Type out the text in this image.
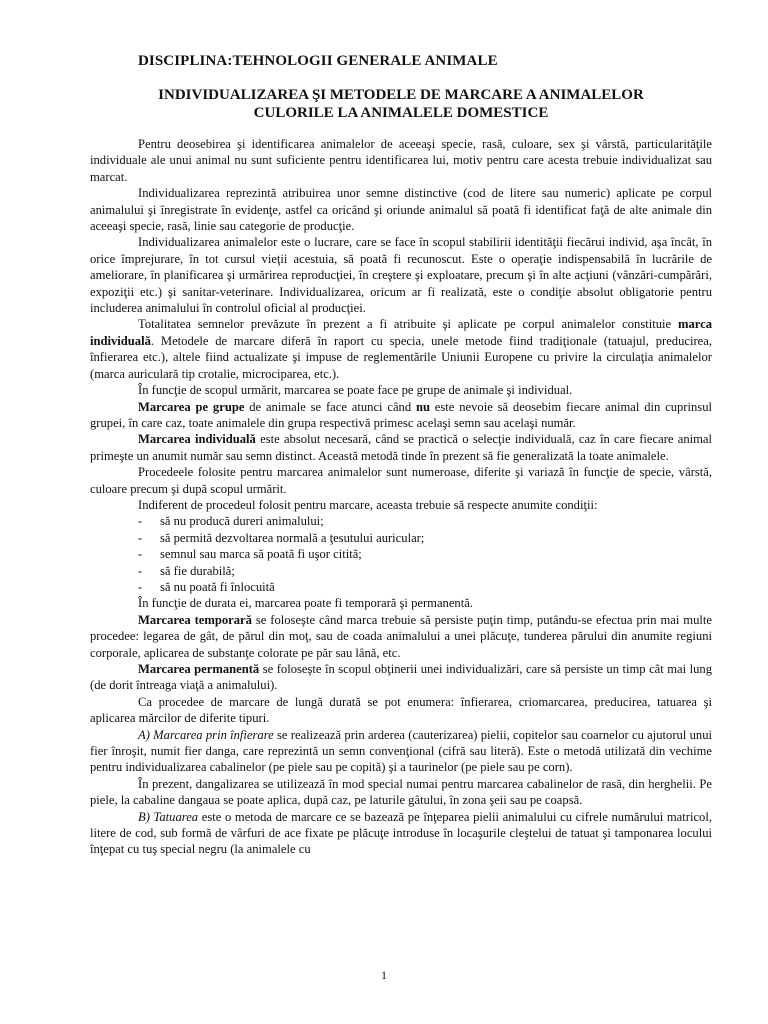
DISCIPLINA:TEHNOLOGII GENERALE ANIMALE
INDIVIDUALIZAREA ŞI METODELE DE MARCARE A ANIMALELOR
CULORILE LA ANIMALELE DOMESTICE

Pentru deosebirea şi identificarea animalelor de aceeaşi specie, rasă, culoare, sex şi vârstă, particularităţile individuale ale unui animal nu sunt suficiente pentru identificarea lui, motiv pentru care acesta trebuie individualizat sau marcat.

Individualizarea reprezintă atribuirea unor semne distinctive (cod de litere sau numeric) aplicate pe corpul animalului şi înregistrate în evidenţe, astfel ca oricând şi oriunde animalul să poată fi identificat faţă de alte animale din aceeaşi specie, rasă, linie sau categorie de producţie.

Individualizarea animalelor este o lucrare, care se face în scopul stabilirii identităţii fiecărui individ, aşa încât, în orice împrejurare, în tot cursul vieţii acestuia, să poată fi recunoscut. Este o operaţie indispensabilă în lucrările de ameliorare, în planificarea şi urmărirea reproducţiei, în creştere şi exploatare, precum şi în alte acţiuni (vânzări-cumpărări, expoziţii etc.) şi sanitar-veterinare. Individualizarea, oricum ar fi realizată, este o condiţie absolut obligatorie pentru includerea animalului în controlul oficial al producţiei.

Totalitatea semnelor prevăzute în prezent a fi atribuite şi aplicate pe corpul animalelor constituie marca individuală. Metodele de marcare diferă în raport cu specia, unele metode fiind tradiţionale (tatuajul, preducirea, înfierarea etc.), altele fiind actualizate şi impuse de reglementările Uniunii Europene cu privire la circulaţia animalelor (marca auriculară tip crotalie, microciparea, etc.).

În funcţie de scopul urmărit, marcarea se poate face pe grupe de animale şi individual.

Marcarea pe grupe de animale se face atunci când nu este nevoie să deosebim fiecare animal din cuprinsul grupei, în care caz, toate animalele din grupa respectivă primesc acelaşi semn sau acelaşi număr.

Marcarea individuală este absolut necesară, când se practică o selecţie individuală, caz în care fiecare animal primeşte un anumit număr sau semn distinct. Această metodă tinde în prezent să fie generalizată la toate animalele.

Procedeele folosite pentru marcarea animalelor sunt numeroase, diferite şi variază în funcţie de specie, vârstă, culoare precum şi după scopul urmărit.

Indiferent de procedeul folosit pentru marcare, aceasta trebuie să respecte anumite condiţii:

- să nu producă dureri animalului;
- să permită dezvoltarea normală a ţesutului auricular;
- semnul sau marca să poată fi uşor citită;
- să fie durabilă;
- să nu poată fi înlocuită

În funcţie de durata ei, marcarea poate fi temporară şi permanentă.

Marcarea temporară se foloseşte când marca trebuie să persiste puţin timp, putându-se efectua prin mai multe procedee: legarea de gât, de părul din moţ, sau de coada animalului a unei plăcuţe, tunderea părului din anumite regiuni corporale, aplicarea de substanţe colorate pe păr sau lână, etc.

Marcarea permanentă se foloseşte în scopul obţinerii unei individualizări, care să persiste un timp cât mai lung (de dorit întreaga viaţă a animalului).

Ca procedee de marcare de lungă durată se pot enumera: înfierarea, criomarcarea, preducirea, tatuarea şi aplicarea mărcilor de diferite tipuri.

A) Marcarea prin înfierare se realizează prin arderea (cauterizarea) pielii, copitelor sau coarnelor cu ajutorul unui fier înroşit, numit fier danga, care reprezintă un semn convenţional (cifră sau literă). Este o metodă utilizată din vechime pentru individualizarea cabalinelor (pe piele sau pe copită) şi a taurinelor (pe piele sau pe corn).

În prezent, dangalizarea se utilizează în mod special numai pentru marcarea cabalinelor de rasă, din herghelii. Pe piele, la cabaline dangaua se poate aplica, după caz, pe laturile gâtului, în zona şeii sau pe coapsă.

B) Tatuarea este o metoda de marcare ce se bazează pe înţeparea pielii animalului cu cifrele numărului matricol, litere de cod, sub formă de vârfuri de ace fixate pe plăcuţe introduse în locaşurile cleştelui de tatuat şi tamponarea locului înţepat cu tuş special negru (la animalele cu

1
